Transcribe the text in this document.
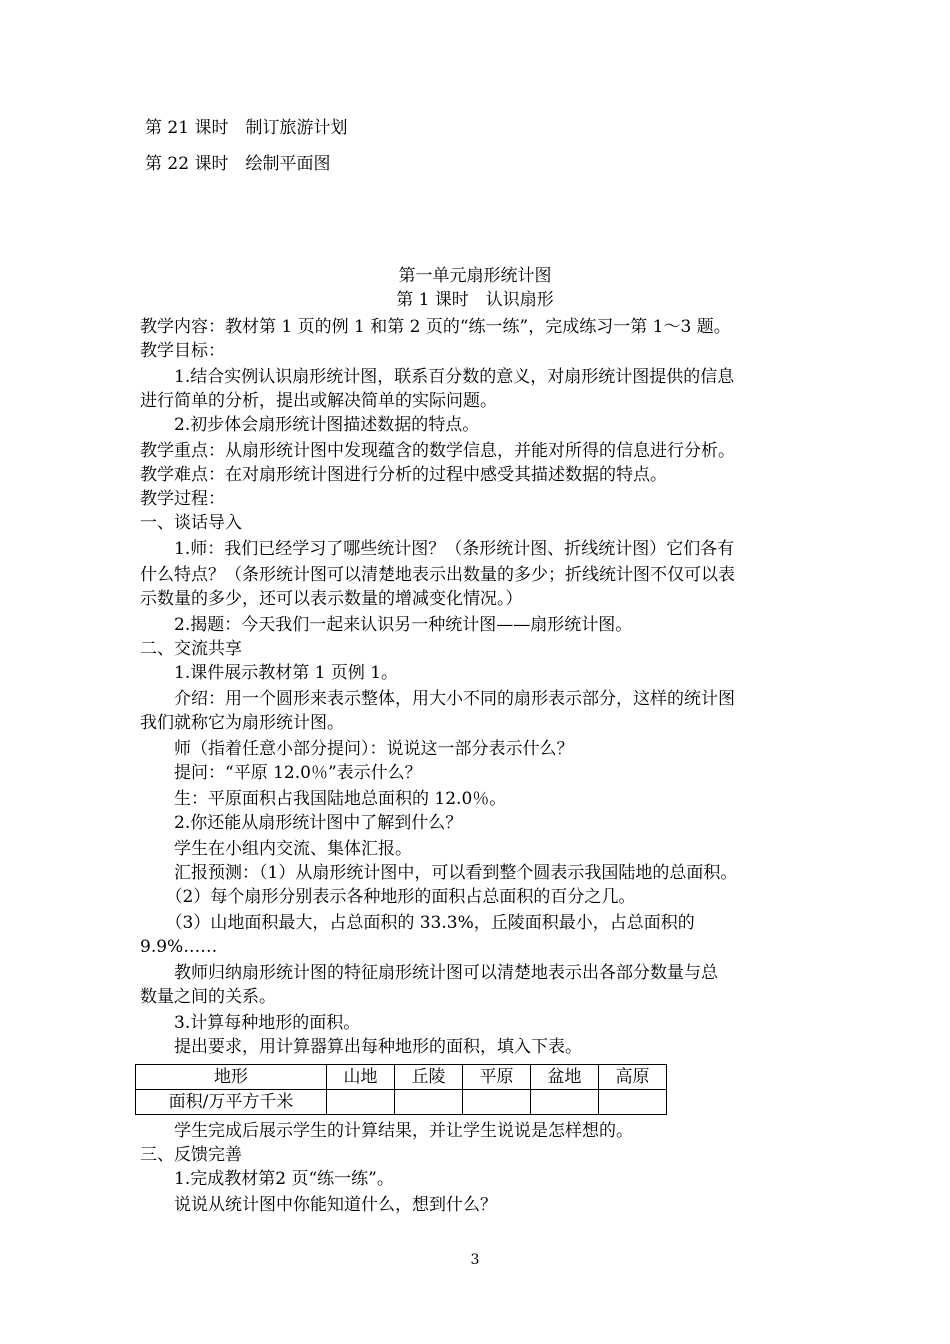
第 21 课时　制订旅游计划
第 22 课时　绘制平面图
第一单元扇形统计图
第 1 课时　认识扇形
教学内容：教材第 1 页的例 1 和第 2 页的“练一练”，完成练习一第 1～3 题。
教学目标：
　　1.结合实例认识扇形统计图，联系百分数的意义，对扇形统计图提供的信息
进行简单的分析，提出或解决简单的实际问题。
　　2.初步体会扇形统计图描述数据的特点。
教学重点：从扇形统计图中发现蕴含的数学信息，并能对所得的信息进行分析。
教学难点：在对扇形统计图进行分析的过程中感受其描述数据的特点。
教学过程：
一、谈话导入
　　1.师：我们已经学习了哪些统计图？（条形统计图、折线统计图）它们各有
什么特点？（条形统计图可以清楚地表示出数量的多少；折线统计图不仅可以表
示数量的多少，还可以表示数量的增减变化情况。）
　　2.揭题：今天我们一起来认识另一种统计图——扇形统计图。
二、交流共享
　　1.课件展示教材第 1 页例 1。
　　介绍：用一个圆形来表示整体，用大小不同的扇形表示部分，这样的统计图
我们就称它为扇形统计图。
　　师（指着任意小部分提问）：说说这一部分表示什么？
　　提问：“平原 12.0％”表示什么？
　　生：平原面积占我国陆地总面积的 12.0％。
　　2.你还能从扇形统计图中了解到什么？
　　学生在小组内交流、集体汇报。
　　汇报预测：（1）从扇形统计图中，可以看到整个圆表示我国陆地的总面积。
　　（2）每个扇形分别表示各种地形的面积占总面积的百分之几。
　　（3）山地面积最大，占总面积的 33.3%，丘陵面积最小，占总面积的
9.9%……
　　教师归纳扇形统计图的特征扇形统计图可以清楚地表示出各部分数量与总
数量之间的关系。
　　3.计算每种地形的面积。
　　提出要求，用计算器算出每种地形的面积，填入下表。
地形	山地	丘陵	平原	盆地	高原
面积/万平方千米					
　　学生完成后展示学生的计算结果，并让学生说说是怎样想的。
三、反馈完善
　　1.完成教材第2 页“练一练”。
　　说说从统计图中你能知道什么，想到什么？
3
